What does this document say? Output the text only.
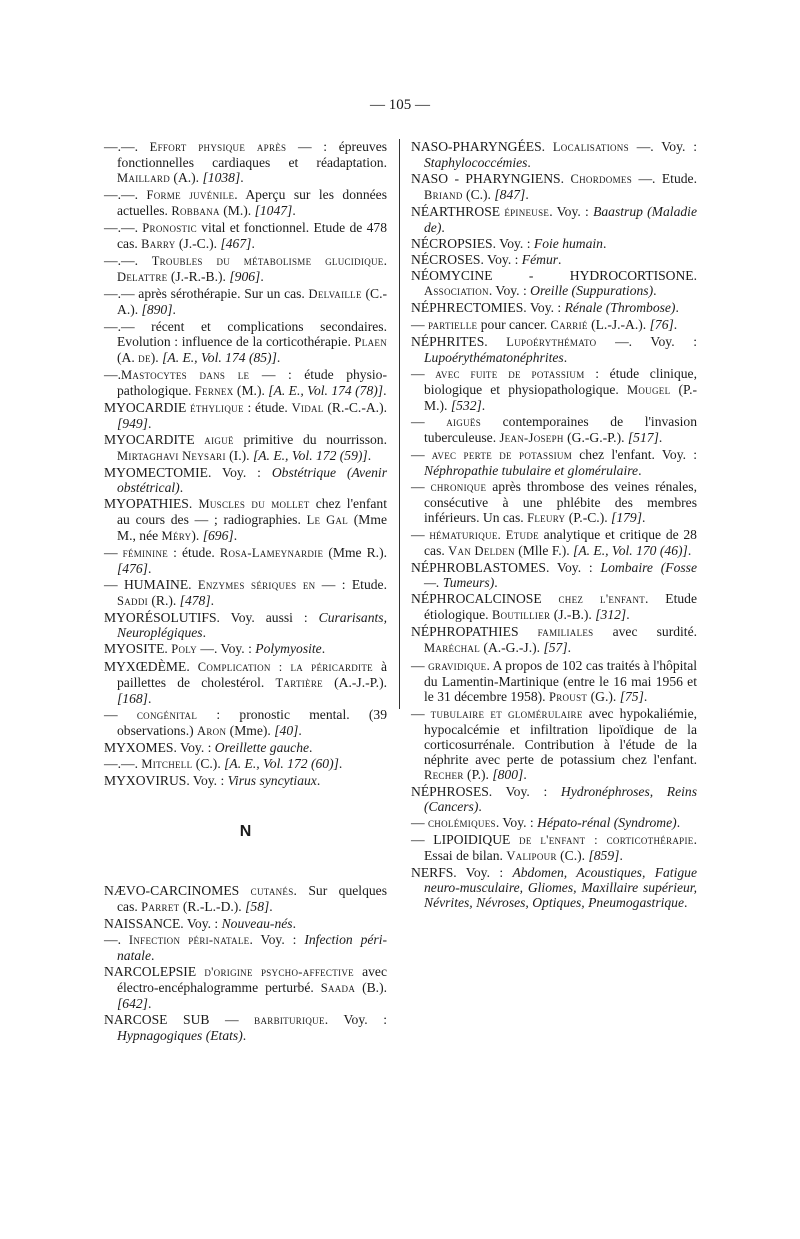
— 105 —
—.—. Effort physique après — : épreuves fonctionnelles cardiaques et réadaptation. Maillard (A.). [1038].
—.—. Forme juvénile. Aperçu sur les données actuelles. Robbana (M.). [1047].
—.—. Pronostic vital et fonctionnel. Etude de 478 cas. Barry (J.-C.). [467].
—.—. Troubles du métabolisme glucidique. Delattre (J.-R.-B.). [906].
—.— après sérothérapie. Sur un cas. Delvaille (C.-A.). [890].
—.— récent et complications secondaires. Evolution : influence de la corticothérapie. Plaen (A. de). [A. E., Vol. 174 (85)].
—.Mastocytes dans le — : étude physio-pathologique. Fernex (M.). [A. E., Vol. 174 (78)].
MYOCARDIE éthylique : étude. Vidal (R.-C.-A.). [949].
MYOCARDITE aiguë primitive du nourrisson. Mirtaghavi Neysari (I.). [A. E., Vol. 172 (59)].
MYOMECTOMIE. Voy. : Obstétrique (Avenir obstétrical).
MYOPATHIES. Muscles du mollet chez l'enfant au cours des — ; radiographies. Le Gal (Mme M., née Méry). [696].
— féminine : étude. Rosa-Lameynardie (Mme R.). [476].
— HUMAINE. Enzymes sériques en — : Etude. Saddi (R.). [478].
MYORÉSOLUTIFS. Voy. aussi : Curarisants, Neuroplégiques.
MYOSITE. Poly —. Voy. : Polymyosite.
MYXŒDÈME. Complication : la péricardite à paillettes de cholestérol. Tartière (A.-J.-P.). [168].
— congénital : pronostic mental. (39 observations.) Aron (Mme). [40].
MYXOMES. Voy. : Oreillette gauche.
—.—. Mitchell (C.). [A. E., Vol. 172 (60)].
MYXOVIRUS. Voy. : Virus syncytiaux.
N
NÆVO-CARCINOMES cutanés. Sur quelques cas. Parret (R.-L.-D.). [58].
NAISSANCE. Voy. : Nouveau-nés.
—. Infection péri-natale. Voy. : Infection péri-natale.
NARCOLEPSIE d'origine psycho-affective avec électro-encéphalogramme perturbé. Saada (B.). [642].
NARCOSE SUB — barbiturique. Voy. : Hypnagogiques (Etats).
NASO-PHARYNGÉES. Localisations —. Voy. : Staphylococcémies.
NASO - PHARYNGIENS. Chordomes —. Etude. Briand (C.). [847].
NÉARTHROSE épineuse. Voy. : Baastrup (Maladie de).
NÉCROPSIES. Voy. : Foie humain.
NÉCROSES. Voy. : Fémur.
NÉOMYCINE - HYDROCORTISONE. Association. Voy. : Oreille (Suppurations).
NÉPHRECTOMIES. Voy. : Rénale (Thrombose).
— partielle pour cancer. Carrié (L.-J.-A.). [76].
NÉPHRITES. Lupoérythémato —. Voy. : Lupoérythématonéphrites.
— avec fuite de potassium : étude clinique, biologique et physiopathologique. Mougel (P.-M.). [532].
— aiguës contemporaines de l'invasion tuberculeuse. Jean-Joseph (G.-G.-P.). [517].
— avec perte de potassium chez l'enfant. Voy. : Néphropathie tubulaire et glomérulaire.
— chronique après thrombose des veines rénales, consécutive à une phlébite des membres inférieurs. Un cas. Fleury (P.-C.). [179].
— hématurique. Etude analytique et critique de 28 cas. Van Delden (Mlle F.). [A. E., Vol. 170 (46)].
NÉPHROBLASTOMES. Voy. : Lombaire (Fosse —. Tumeurs).
NÉPHROCALCINOSE chez l'enfant. Etude étiologique. Boutillier (J.-B.). [312].
NÉPHROPATHIES familiales avec surdité. Maréchal (A.-G.-J.). [57].
— gravidique. A propos de 102 cas traités à l'hôpital du Lamentin-Martinique (entre le 16 mai 1956 et le 31 décembre 1958). Proust (G.). [75].
— tubulaire et glomérulaire avec hypokaliémie, hypocalcémie et infiltration lipoïdique de la corticosurrénale. Contribution à l'étude de la néphrite avec perte de potassium chez l'enfant. Recher (P.). [800].
NÉPHROSES. Voy. : Hydronéphroses, Reins (Cancers).
— cholémiques. Voy. : Hépato-rénal (Syndrome).
— LIPOIDIQUE de l'enfant : corticothérapie. Essai de bilan. Valipour (C.). [859].
NERFS. Voy. : Abdomen, Acoustiques, Fatigue neuro-musculaire, Gliomes, Maxillaire supérieur, Névrites, Névroses, Optiques, Pneumogastrique.
